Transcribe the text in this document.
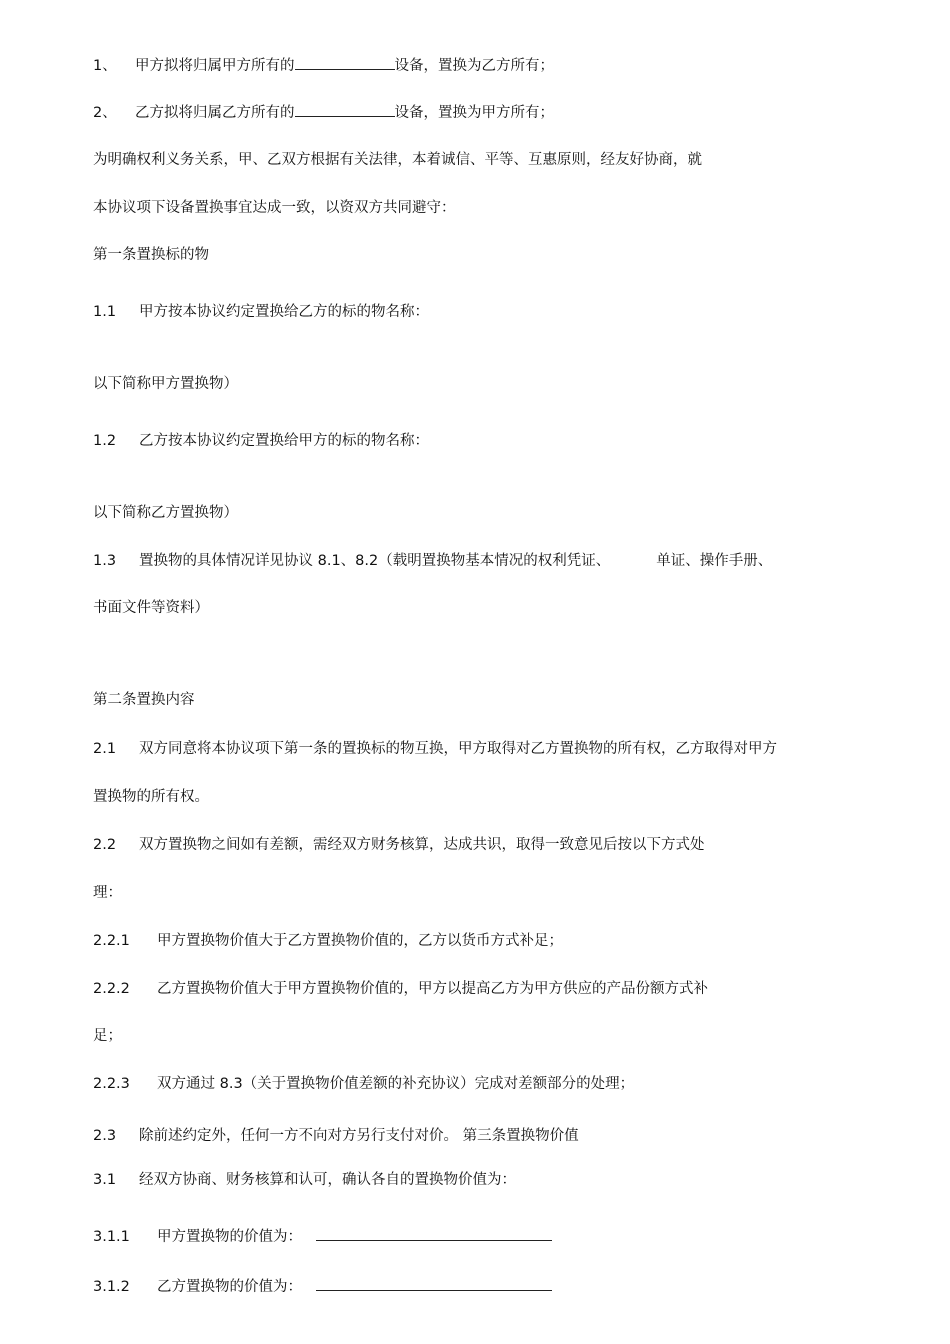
1、 甲方拟将归属甲方所有的	设备，置换为乙方所有；
2、 乙方拟将归属乙方所有的	设备，置换为甲方所有；
为明确权利义务关系，甲、乙双方根据有关法律，本着诚信、平等、互惠原则，经友好协商，就
本协议项下设备置换事宜达成一致，以资双方共同避守：
第一条置换标的物
1.1 甲方按本协议约定置换给乙方的标的物名称：
以下简称甲方置换物）
1.2 乙方按本协议约定置换给甲方的标的物名称：
以下简称乙方置换物）
1.3 置换物的具体情况详见协议 8.1、8.2（载明置换物基本情况的权利凭证、	单证、操作手册、
书面文件等资料）
第二条置换内容
2.1 双方同意将本协议项下第一条的置换标的物互换，甲方取得对乙方置换物的所有权，乙方取得对甲方
置换物的所有权。
2.2 双方置换物之间如有差额，需经双方财务核算，达成共识，取得一致意见后按以下方式处
理：
2.2.1 甲方置换物价值大于乙方置换物价值的，乙方以货币方式补足；
2.2.2 乙方置换物价值大于甲方置换物价值的，甲方以提高乙方为甲方供应的产品份额方式补
足；
2.2.3 双方通过 8.3（关于置换物价值差额的补充协议）完成对差额部分的处理；
2.3 除前述约定外，任何一方不向对方另行支付对价。 第三条置换物价值
3.1 经双方协商、财务核算和认可，确认各自的置换物价值为：
3.1.1 甲方置换物的价值为：
3.1.2 乙方置换物的价值为：
